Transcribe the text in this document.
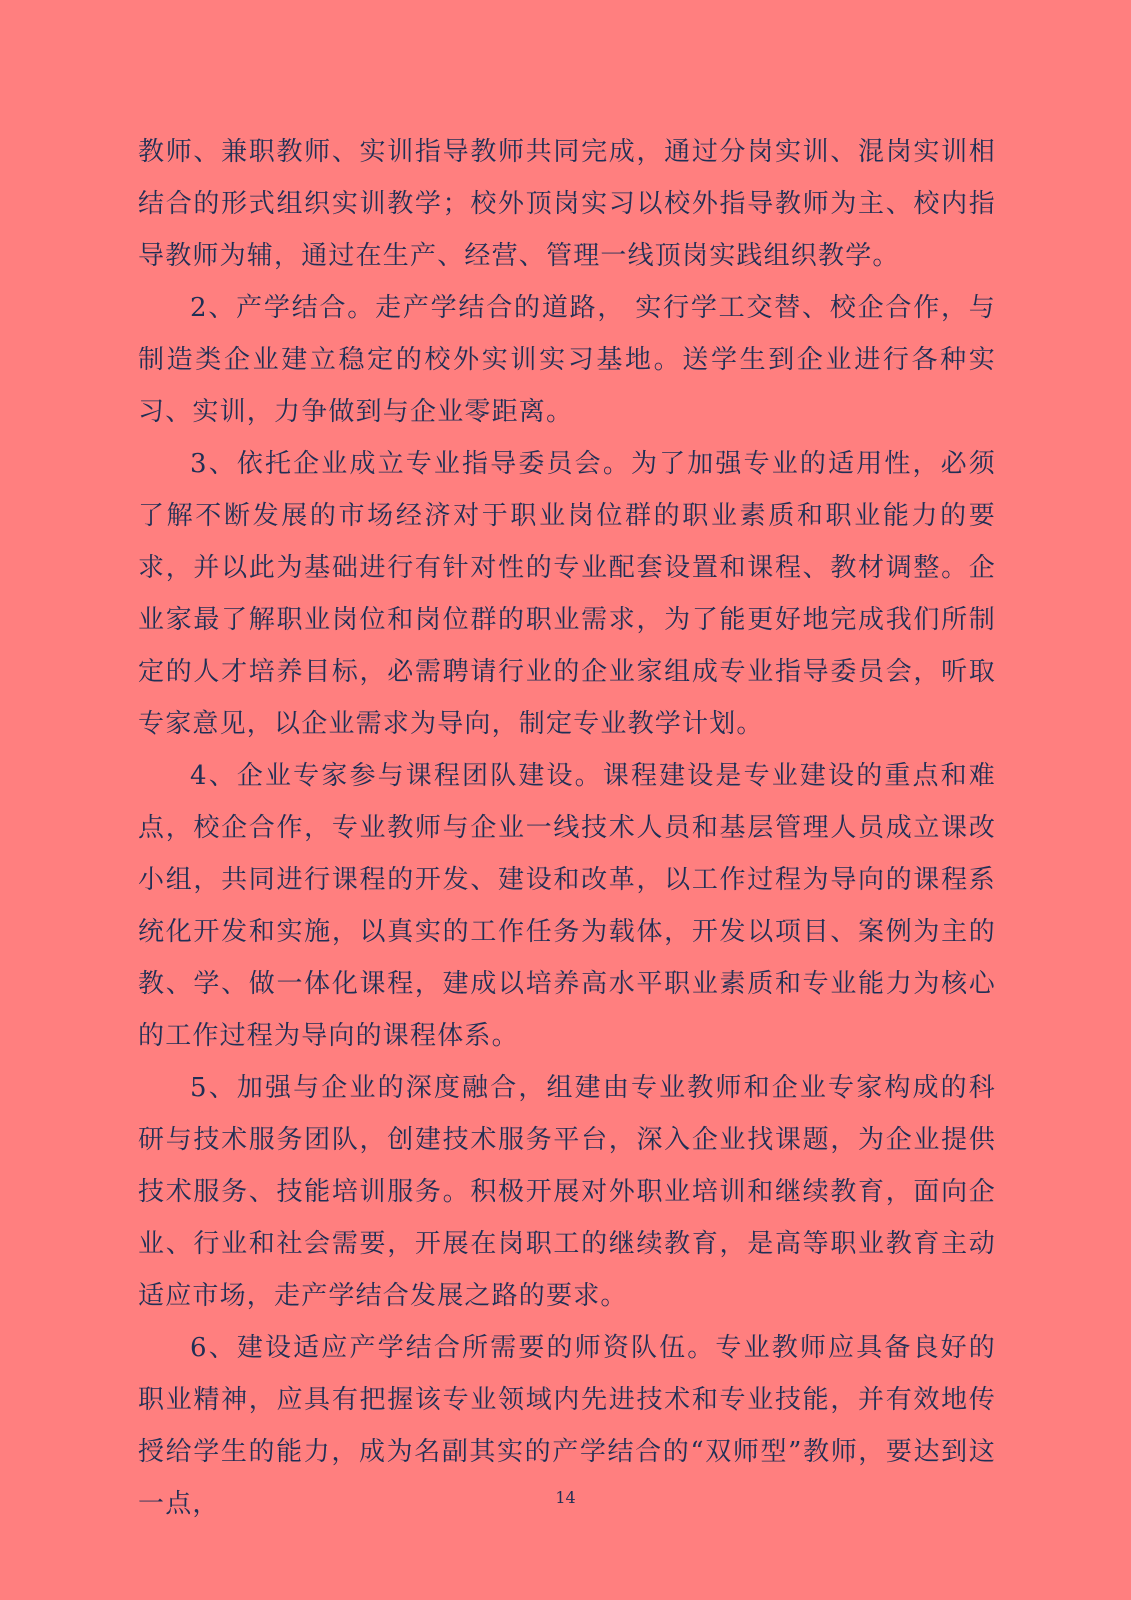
教师、兼职教师、实训指导教师共同完成，通过分岗实训、混岗实训相结合的形式组织实训教学；校外顶岗实习以校外指导教师为主、校内指导教师为辅，通过在生产、经营、管理一线顶岗实践组织教学。

2、产学结合。走产学结合的道路， 实行学工交替、校企合作，与制造类企业建立稳定的校外实训实习基地。送学生到企业进行各种实习、实训，力争做到与企业零距离。

3、依托企业成立专业指导委员会。为了加强专业的适用性，必须了解不断发展的市场经济对于职业岗位群的职业素质和职业能力的要求，并以此为基础进行有针对性的专业配套设置和课程、教材调整。企业家最了解职业岗位和岗位群的职业需求，为了能更好地完成我们所制定的人才培养目标，必需聘请行业的企业家组成专业指导委员会，听取专家意见，以企业需求为导向，制定专业教学计划。

4、企业专家参与课程团队建设。课程建设是专业建设的重点和难点，校企合作，专业教师与企业一线技术人员和基层管理人员成立课改小组，共同进行课程的开发、建设和改革，以工作过程为导向的课程系统化开发和实施，以真实的工作任务为载体，开发以项目、案例为主的教、学、做一体化课程，建成以培养高水平职业素质和专业能力为核心的工作过程为导向的课程体系。

5、加强与企业的深度融合，组建由专业教师和企业专家构成的科研与技术服务团队，创建技术服务平台，深入企业找课题，为企业提供技术服务、技能培训服务。积极开展对外职业培训和继续教育，面向企业、行业和社会需要，开展在岗职工的继续教育，是高等职业教育主动适应市场，走产学结合发展之路的要求。

6、建设适应产学结合所需要的师资队伍。专业教师应具备良好的职业精神，应具有把握该专业领域内先进技术和专业技能，并有效地传授给学生的能力，成为名副其实的产学结合的“双师型”教师，要达到这一点，	14
